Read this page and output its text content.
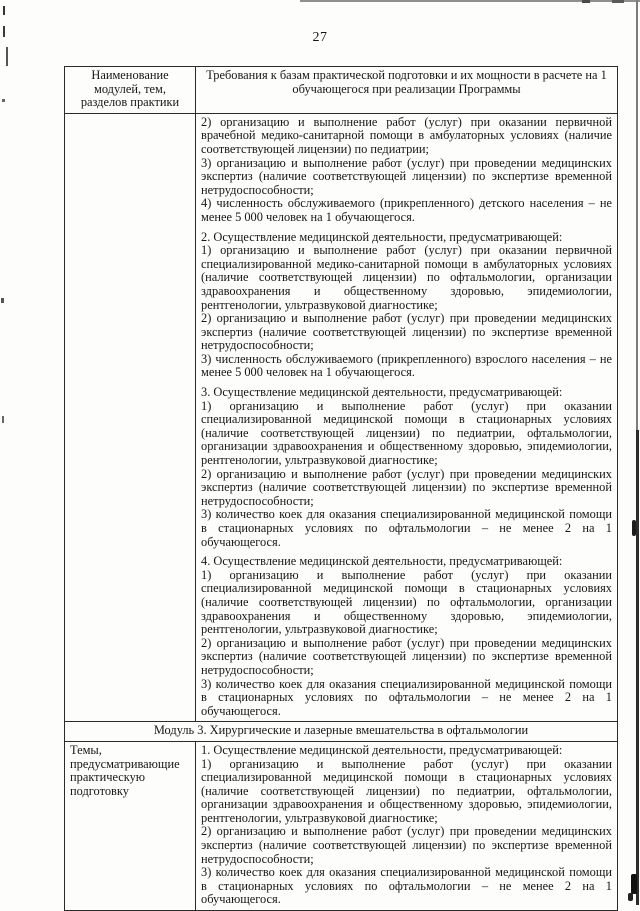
27
Наименование модулей, тем, разделов практики	Требования к базам практической подготовки и их мощности в расчете на 1 обучающегося при реализации Программы

2) организацию и выполнение работ (услуг) при оказании первичной врачебной медико-санитарной помощи в амбулаторных условиях (наличие соответствующей лицензии) по педиатрии;

3) организацию и выполнение работ (услуг) при проведении медицинских экспертиз (наличие соответствующей лицензии) по экспертизе временной нетрудоспособности;

4) численность обслуживаемого (прикрепленного) детского населения – не менее 5 000 человек на 1 обучающегося.

2. Осуществление медицинской деятельности, предусматривающей:

1) организацию и выполнение работ (услуг) при оказании первичной специализированной медико-санитарной помощи в амбулаторных условиях (наличие соответствующей лицензии) по офтальмологии, организации здравоохранения и общественному здоровью, эпидемиологии, рентгенологии, ультразвуковой диагностике;

2) организацию и выполнение работ (услуг) при проведении медицинских экспертиз (наличие соответствующей лицензии) по экспертизе временной нетрудоспособности;

3) численность обслуживаемого (прикрепленного) взрослого населения – не менее 5 000 человек на 1 обучающегося.

3. Осуществление медицинской деятельности, предусматривающей:

1) организацию и выполнение работ (услуг) при оказании специализированной медицинской помощи в стационарных условиях (наличие соответствующей лицензии) по педиатрии, офтальмологии, организации здравоохранения и общественному здоровью, эпидемиологии, рентгенологии, ультразвуковой диагностике;

2) организацию и выполнение работ (услуг) при проведении медицинских экспертиз (наличие соответствующей лицензии) по экспертизе временной нетрудоспособности;

3) количество коек для оказания специализированной медицинской помощи в стационарных условиях по офтальмологии – не менее 2 на 1 обучающегося.

4. Осуществление медицинской деятельности, предусматривающей:

1) организацию и выполнение работ (услуг) при оказании специализированной медицинской помощи в стационарных условиях (наличие соответствующей лицензии) по офтальмологии, организации здравоохранения и общественному здоровью, эпидемиологии, рентгенологии, ультразвуковой диагностике;

2) организацию и выполнение работ (услуг) при проведении медицинских экспертиз (наличие соответствующей лицензии) по экспертизе временной нетрудоспособности;

3) количество коек для оказания специализированной медицинской помощи в стационарных условиях по офтальмологии – не менее 2 на 1 обучающегося.

Модуль 3. Хирургические и лазерные вмешательства в офтальмологии	
Темы, предусматривающие практическую подготовку	1. Осуществление медицинской деятельности, предусматривающей:

1) организацию и выполнение работ (услуг) при оказании специализированной медицинской помощи в стационарных условиях (наличие соответствующей лицензии) по педиатрии, офтальмологии, организации здравоохранения и общественному здоровью, эпидемиологии, рентгенологии, ультразвуковой диагностике;

2) организацию и выполнение работ (услуг) при проведении медицинских экспертиз (наличие соответствующей лицензии) по экспертизе временной нетрудоспособности;

3) количество коек для оказания специализированной медицинской помощи в стационарных условиях по офтальмологии – не менее 2 на 1 обучающегося.
